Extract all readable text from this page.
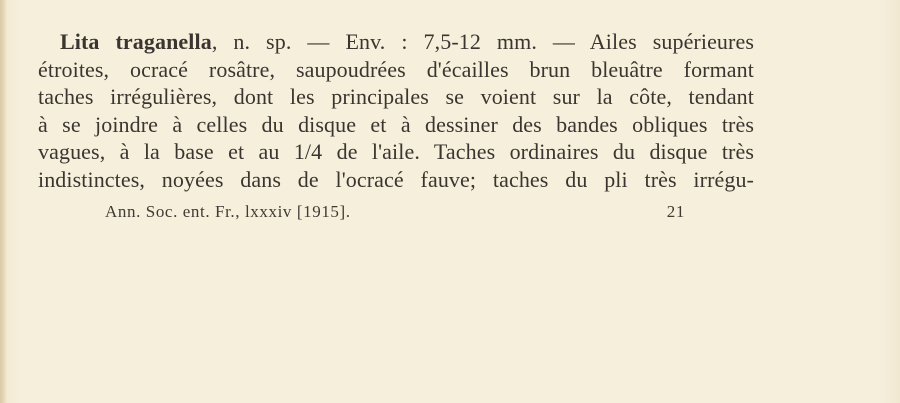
Lita traganella, n. sp. — Env. : 7,5-12 mm. — Ailes supérieures
étroites, ocracé rosâtre, saupoudrées d'écailles brun bleuâtre formant
taches irrégulières, dont les principales se voient sur la côte, tendant
à se joindre à celles du disque et à dessiner des bandes obliques très
vagues, à la base et au 1/4 de l'aile. Taches ordinaires du disque très
indistinctes, noyées dans de l'ocracé fauve; taches du pli très irrégu-
Ann. Soc. ent. Fr., lxxxiv [1915].	21
